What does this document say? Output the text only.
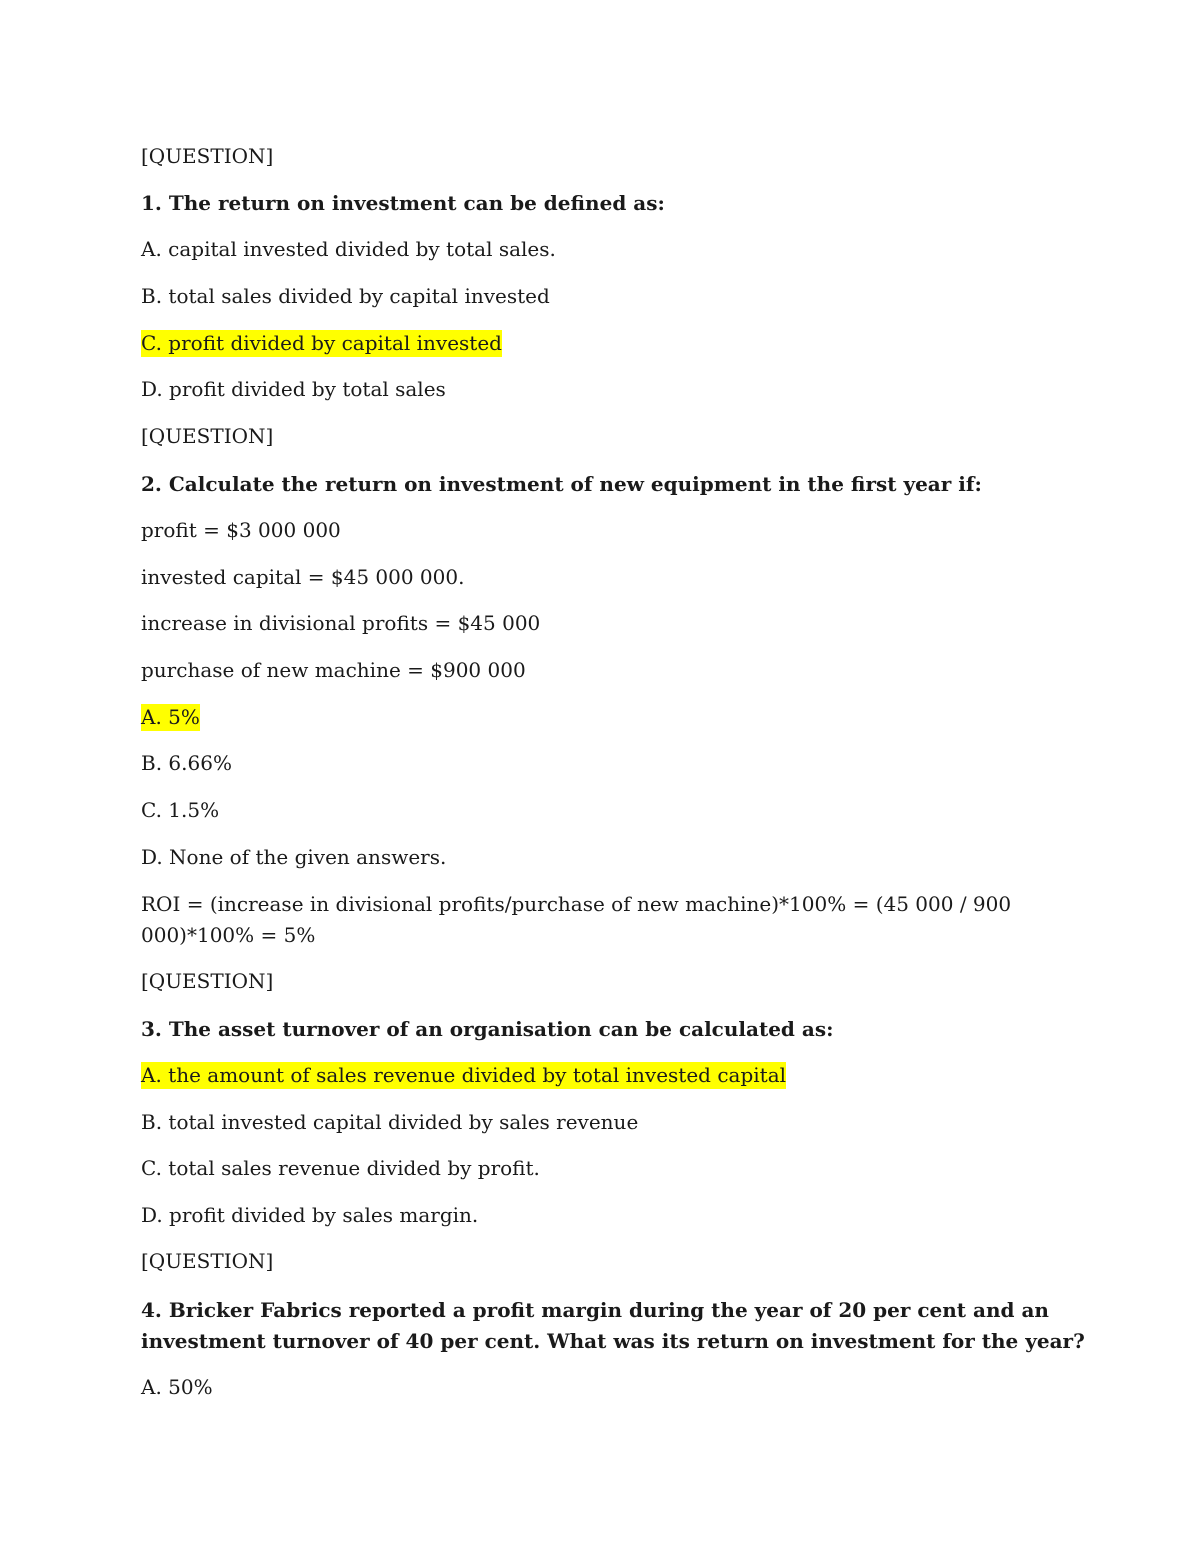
[QUESTION]
1. The return on investment can be defined as:
A. capital invested divided by total sales.
B. total sales divided by capital invested
C. profit divided by capital invested
D. profit divided by total sales
[QUESTION]
2. Calculate the return on investment of new equipment in the first year if:
profit = $3 000 000
invested capital = $45 000 000.
increase in divisional profits = $45 000
purchase of new machine = $900 000
A. 5%
B. 6.66%
C. 1.5%
D. None of the given answers.
ROI = (increase in divisional profits/purchase of new machine)*100% = (45 000 / 900
000)*100% = 5%
[QUESTION]
3. The asset turnover of an organisation can be calculated as:
A. the amount of sales revenue divided by total invested capital
B. total invested capital divided by sales revenue
C. total sales revenue divided by profit.
D. profit divided by sales margin.
[QUESTION]
4. Bricker Fabrics reported a profit margin during the year of 20 per cent and an
investment turnover of 40 per cent. What was its return on investment for the year?
A. 50%
